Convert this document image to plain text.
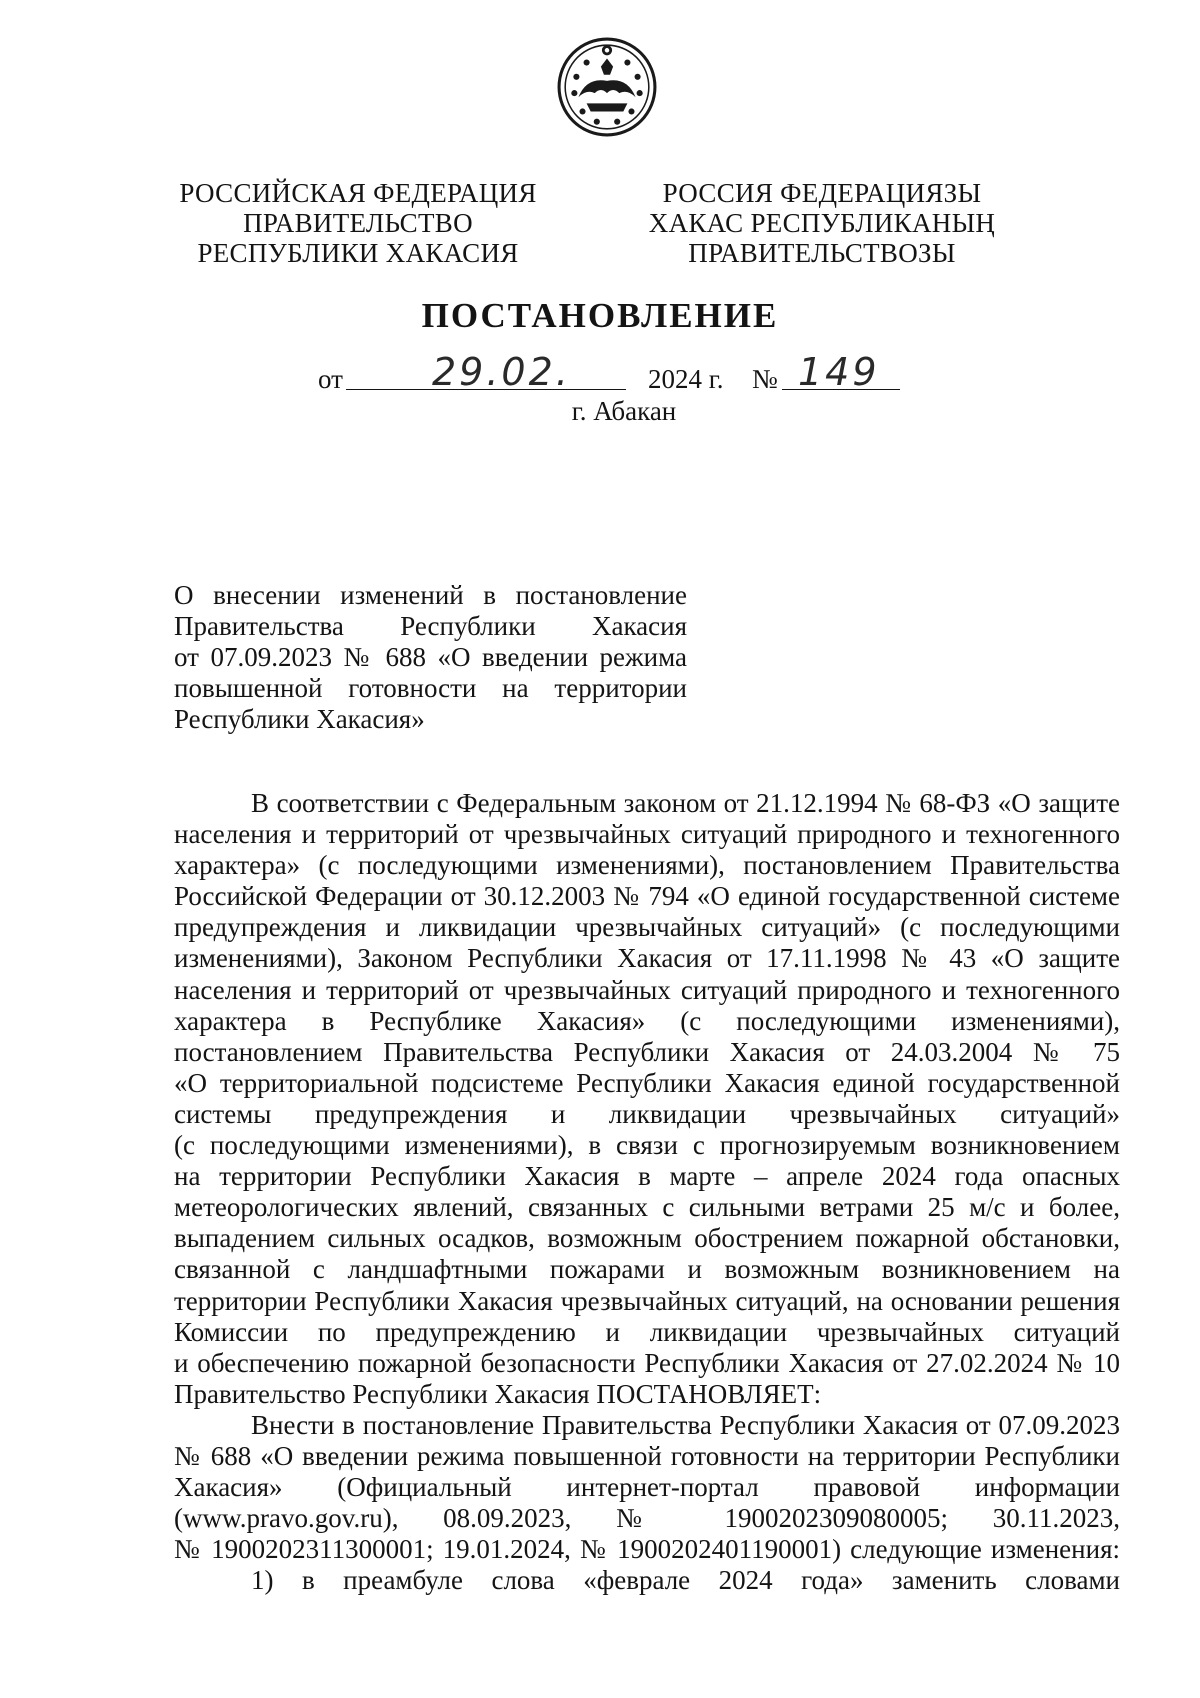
РОССИЙСКАЯ ФЕДЕРАЦИЯ
ПРАВИТЕЛЬСТВО
РЕСПУБЛИКИ ХАКАСИЯ
РОССИЯ ФЕДЕРАЦИЯЗЫ
ХАКАС РЕСПУБЛИКАНЫҢ
ПРАВИТЕЛЬСТВОЗЫ
ПОСТАНОВЛЕНИЕ
от 29.02.	2024 г. № 149
г. Абакан
О внесении изменений в постановление
Правительства Республики Хакасия
от 07.09.2023 № 688 «О введении режима
повышенной готовности на территории
Республики Хакасия»
В соответствии с Федеральным законом от 21.12.1994 № 68-ФЗ «О защите
населения и территорий от чрезвычайных ситуаций природного и техногенного
характера» (с последующими изменениями), постановлением Правительства
Российской Федерации от 30.12.2003 № 794 «О единой государственной системе
предупреждения и ликвидации чрезвычайных ситуаций» (с последующими
изменениями), Законом Республики Хакасия от 17.11.1998 № 43 «О защите
населения и территорий от чрезвычайных ситуаций природного и техногенного
характера в Республике Хакасия» (с последующими изменениями),
постановлением Правительства Республики Хакасия от 24.03.2004 № 75
«О территориальной подсистеме Республики Хакасия единой государственной
системы предупреждения и ликвидации чрезвычайных ситуаций»
(с последующими изменениями), в связи с прогнозируемым возникновением
на территории Республики Хакасия в марте – апреле 2024 года опасных
метеорологических явлений, связанных с сильными ветрами 25 м/с и более,
выпадением сильных осадков, возможным обострением пожарной обстановки,
связанной с ландшафтными пожарами и возможным возникновением на
территории Республики Хакасия чрезвычайных ситуаций, на основании решения
Комиссии по предупреждению и ликвидации чрезвычайных ситуаций
и обеспечению пожарной безопасности Республики Хакасия от 27.02.2024 № 10
Правительство Республики Хакасия ПОСТАНОВЛЯЕТ:
Внести в постановление Правительства Республики Хакасия от 07.09.2023
№ 688 «О введении режима повышенной готовности на территории Республики
Хакасия» (Официальный интернет-портал правовой информации
(www.pravo.gov.ru), 08.09.2023, № 1900202309080005; 30.11.2023,
№ 1900202311300001; 19.01.2024, № 1900202401190001) следующие изменения:
1) в преамбуле слова «феврале 2024 года» заменить словами
